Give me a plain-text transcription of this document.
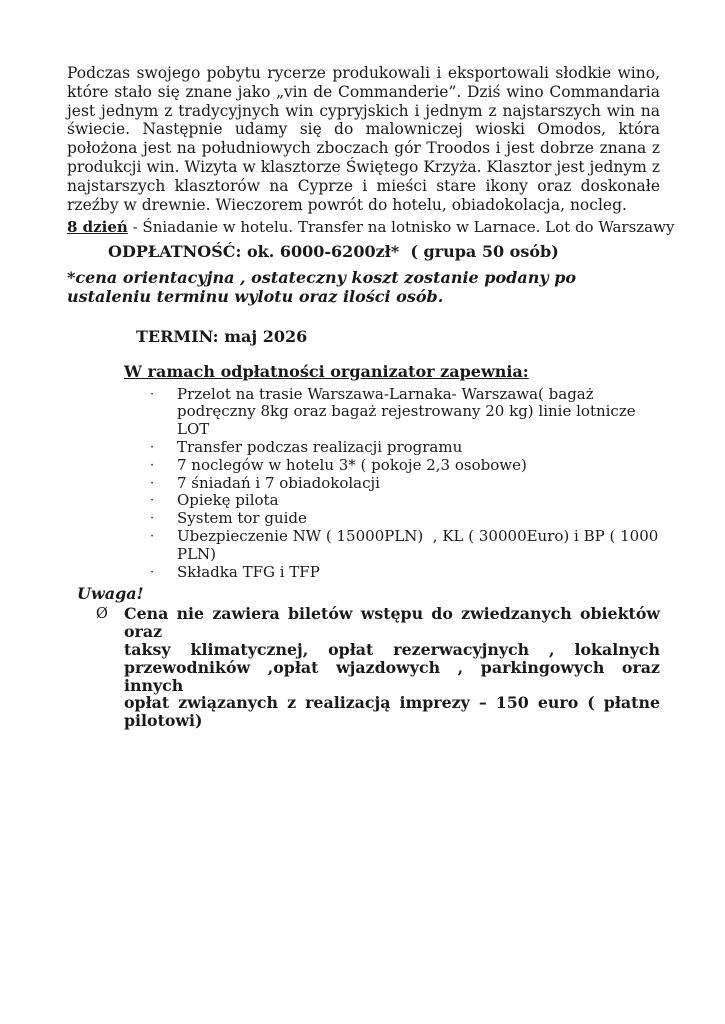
Podczas swojego pobytu rycerze produkowali i eksportowali słodkie wino, które stało się znane jako „vin de Commanderie”. Dziś wino Commandaria jest jednym z tradycyjnych win cypryjskich i jednym z najstarszych win na świecie. Następnie udamy się do malowniczej wioski Omodos, która położona jest na południowych zboczach gór Troodos i jest dobrze znana z produkcji win. Wizyta w klasztorze Świętego Krzyża. Klasztor jest jednym z najstarszych klasztorów na Cyprze i mieści stare ikony oraz doskonałe rzeźby w drewnie. Wieczorem powrót do hotelu, obiadokolacja, nocleg.

8 dzień - Śniadanie w hotelu. Transfer na lotnisko w Larnace. Lot do Warszawy

ODPŁATNOŚĆ: ok. 6000-6200zł*  ( grupa 50 osób)

*cena orientacyjna , ostateczny koszt zostanie podany po ustaleniu terminu wylotu oraz ilości osób.

TERMIN: maj 2026

W ramach odpłatności organizator zapewnia:

·	Przelot na trasie Warszawa-Larnaka- Warszawa( bagaż podręczny 8kg oraz bagaż rejestrowany 20 kg) linie lotnicze LOT
·	Transfer podczas realizacji programu
·	7 noclegów w hotelu 3* ( pokoje 2,3 osobowe)
·	7 śniadań i 7 obiadokolacji
·	Opiekę pilota
·	System tor guide
·	Ubezpieczenie NW ( 15000PLN)  , KL ( 30000Euro) i BP ( 1000 PLN)
·	Składka TFG i TFP

Uwaga!

Ø	Cena nie zawiera biletów wstępu do zwiedzanych obiektów oraz
taksy klimatycznej, opłat rezerwacyjnych , lokalnych
przewodników ,opłat wjazdowych , parkingowych oraz innych
opłat związanych z realizacją imprezy – 150 euro ( płatne
pilotowi)
